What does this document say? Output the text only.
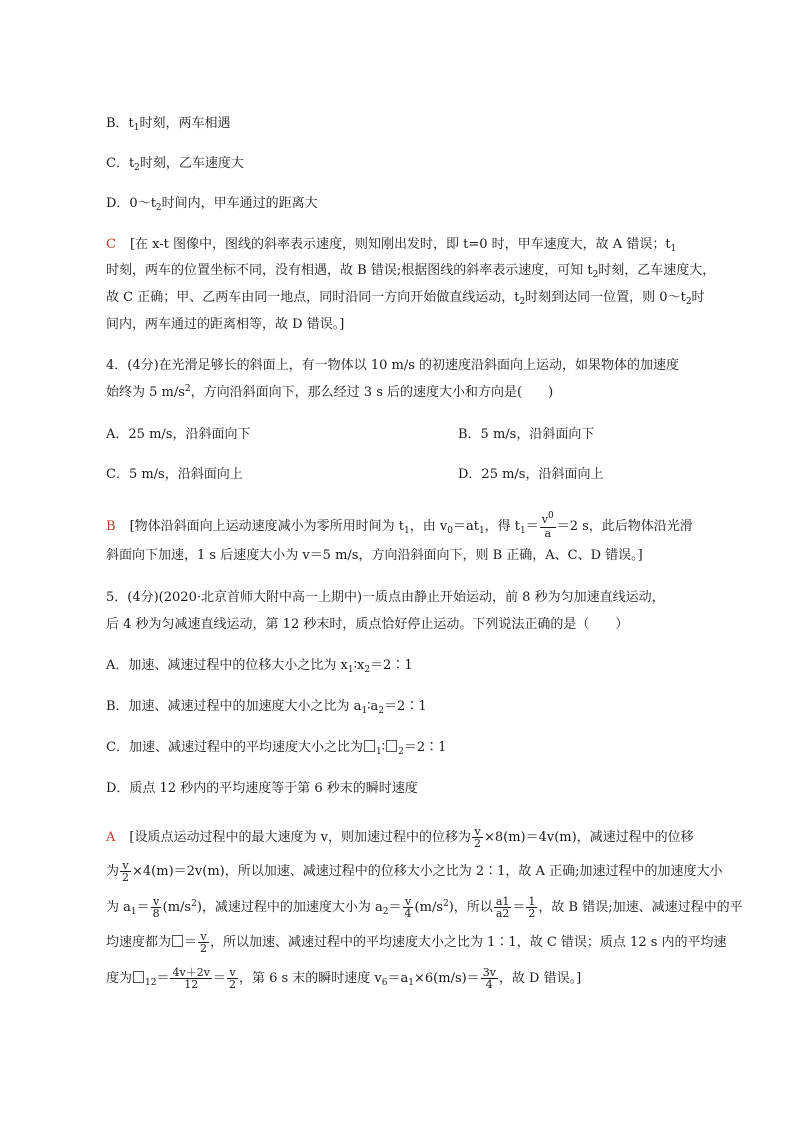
B．$t_1$时刻，两车相遇
C．$t_2$时刻，乙车速度大
D．$0\sim t_2$时间内，甲车通过的距离大
C [在 x-t 图像中，图线的斜率表示速度，则知刚出发时，即 t=0 时，甲车速度大，故 A 错误；$t_1$
时刻，两车的位置坐标不同，没有相遇，故 B 错误;根据图线的斜率表示速度，可知 $t_2$时刻，乙车速度大，
故 C 正确；甲、乙两车由同一地点，同时沿同一方向开始做直线运动，$t_2$时刻到达同一位置，则 $0\sim t_2$时
间内，两车通过的距离相等，故 D 错误。]
4．(4分)在光滑足够长的斜面上，有一物体以 10 m/s 的初速度沿斜面向上运动，如果物体的加速度
始终为 5 $m/s^2$，方向沿斜面向下，那么经过 3 s 后的速度大小和方向是(　　)
A．25 m/s，沿斜面向下	B．5 m/s，沿斜面向下
C．5 m/s，沿斜面向上	D．25 m/s，沿斜面向上
B [物体沿斜面向上运动速度减小为零所用时间为 $t_1$，由 $v_0=at_1$，得 $t_1= \frac{v^0}{a} =2$ s，此后物体沿光滑
斜面向下加速，1 s 后速度大小为 v＝5 m/s，方向沿斜面向下，则 B 正确，A、C、D 错误。]
5．(4分)(2020·北京首师大附中高一上期中)一质点由静止开始运动，前 8 秒为匀加速直线运动，
后 4 秒为匀减速直线运动，第 12 秒末时，质点恰好停止运动。下列说法正确的是（　　）
A．加速、减速过程中的位移大小之比为 $x_1∶x_2=2∶1$
B．加速、减速过程中的加速度大小之比为 $a_1∶a_2=2∶1$
C．加速、减速过程中的平均速度大小之比为 $_1$∶ $_2$＝2∶1
D．质点 12 秒内的平均速度等于第 6 秒末的瞬时速度
A [设质点运动过程中的最大速度为 v，则加速过程中的位移为 $\frac{v}{2} \times 8(m)=4v(m)$，减速过程中的位移
为 $\frac{v}{2} \times 4(m)=2v(m)$，所以加速、减速过程中的位移大小之比为 2∶1，故 A 正确;加速过程中的加速度大小
为 $a_1= \frac{v}{8} (m/s^2)$，减速过程中的加速度大小为 $a_2= \frac{v}{4} (m/s^2)$，所以 $\frac{a1}{a2} = \frac{1}{2}$ ，故 B 错误;加速、减速过程中的平
均速度都为 ＝ $\frac{v}{2}$ ，所以加速、减速过程中的平均速度大小之比为 1∶1，故 C 错误；质点 12 s 内的平均速
度为 $_{12}= \frac{4v+2v}{12} = \frac{v}{2}$ ，第 6 s 末的瞬时速度 $v_6=a_1\times 6(m/s)= \frac{3v}{4}$ ，故 D 错误。]
